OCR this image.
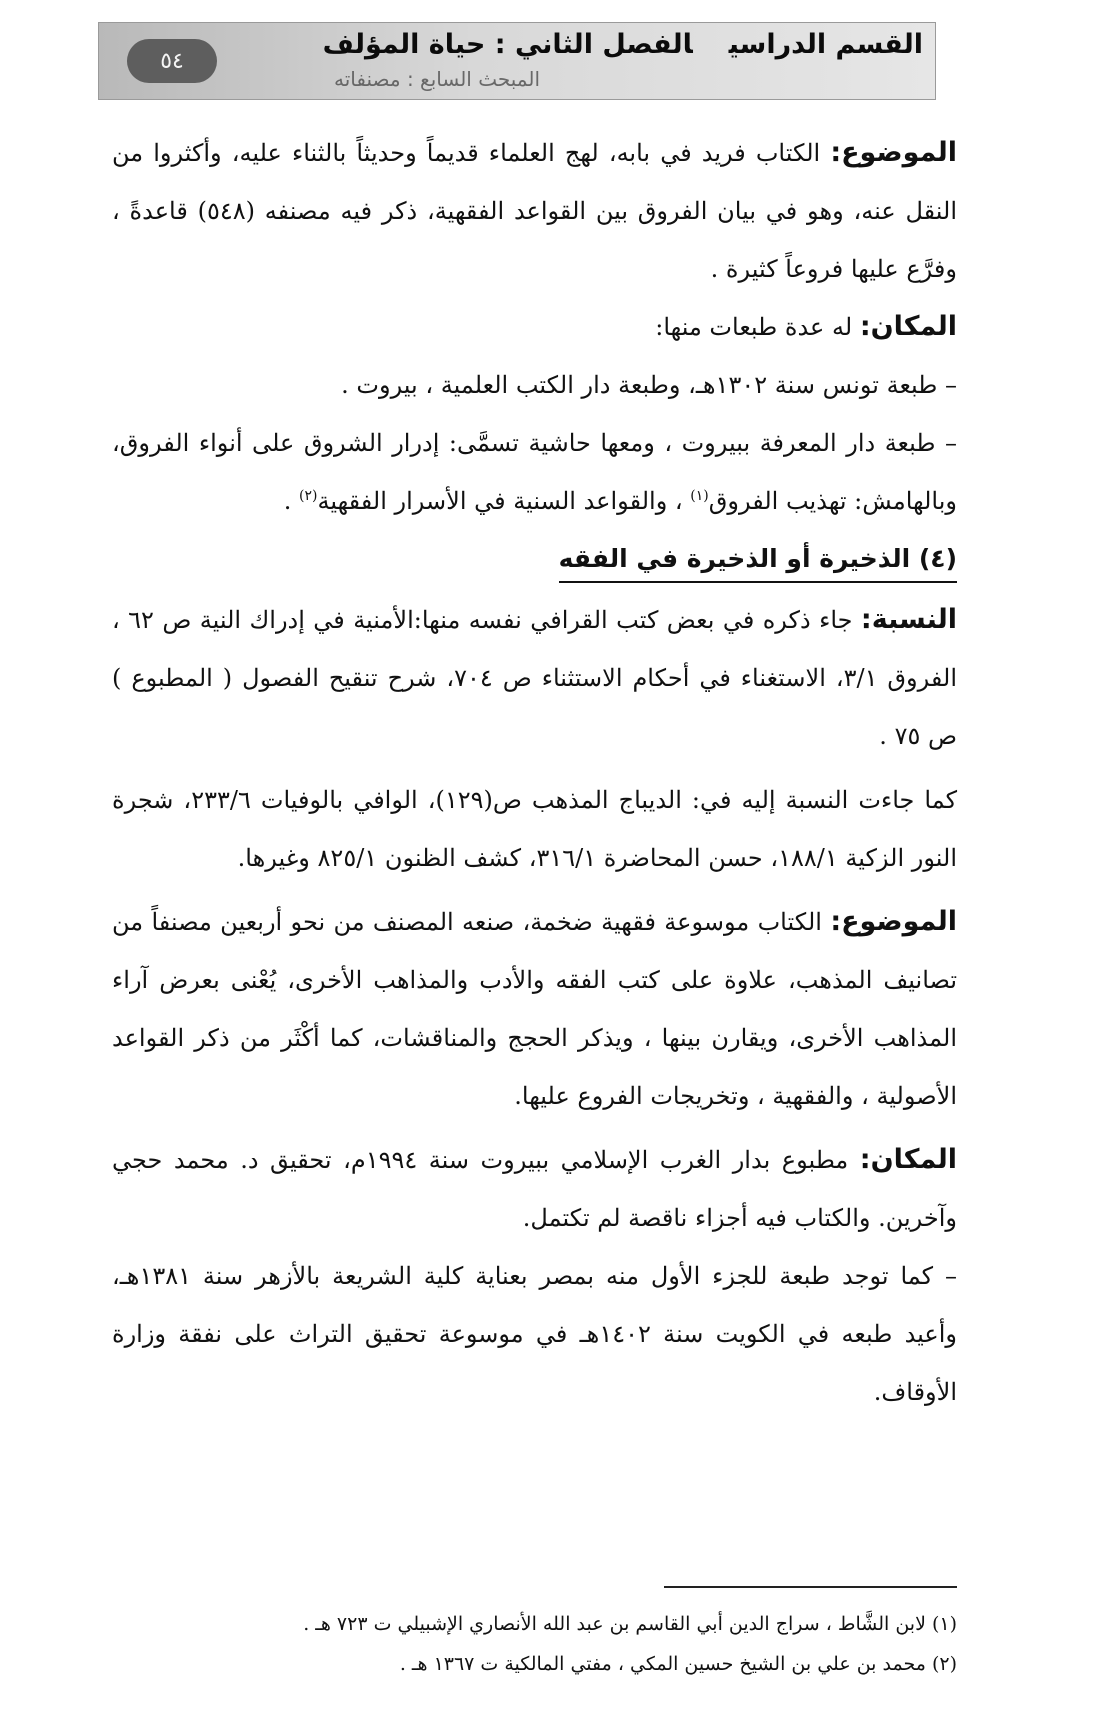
القسم الدراسيالفصل الثاني : حياة المؤلف
المبحث السابع : مصنفاته
٥٤

الموضوع: الكتاب فريد في بابه، لهج العلماء قديماً وحديثاً بالثناء عليه، وأكثروا من النقل عنه، وهو في بيان الفروق بين القواعد الفقهية، ذكر فيه مصنفه (٥٤٨) قاعدةً ، وفرَّع عليها فروعاً كثيرة .

المكان: له عدة طبعات منها:

– طبعة تونس سنة ١٣٠٢هـ، وطبعة دار الكتب العلمية ، بيروت .

– طبعة دار المعرفة ببيروت ، ومعها حاشية تسمَّى: إدرار الشروق على أنواء الفروق، وبالهامش: تهذيب الفروق$^{(١)}$ ، والقواعد السنية في الأسرار الفقهية$^{(٢)}$ .

(٤) الذخيرة أو الذخيرة في الفقه

النسبة: جاء ذكره في بعض كتب القرافي نفسه منها:الأمنية في إدراك النية ص ٦٢ ، الفروق ٣/١، الاستغناء في أحكام الاستثناء ص ٧٠٤، شرح تنقيح الفصول ( المطبوع ) ص ٧٥ .

كما جاءت النسبة إليه في: الديباج المذهب ص(١٢٩)، الوافي بالوفيات ٢٣٣/٦، شجرة النور الزكية ١٨٨/١، حسن المحاضرة ٣١٦/١، كشف الظنون ٨٢٥/١ وغيرها.

الموضوع: الكتاب موسوعة فقهية ضخمة، صنعه المصنف من نحو أربعين مصنفاً من تصانيف المذهب، علاوة على كتب الفقه والأدب والمذاهب الأخرى، يُعْنى بعرض آراء المذاهب الأخرى، ويقارن بينها ، ويذكر الحجج والمناقشات، كما أكْثَر من ذكر القواعد الأصولية ، والفقهية ، وتخريجات الفروع عليها.

المكان: مطبوع بدار الغرب الإسلامي ببيروت سنة ١٩٩٤م، تحقيق د. محمد حجي وآخرين. والكتاب فيه أجزاء ناقصة لم تكتمل.

– كما توجد طبعة للجزء الأول منه بمصر بعناية كلية الشريعة بالأزهر سنة ١٣٨١هـ، وأعيد طبعه في الكويت سنة ١٤٠٢هـ في موسوعة تحقيق التراث على نفقة وزارة الأوقاف.

(١) لابن الشَّاط ، سراج الدين أبي القاسم بن عبد الله الأنصاري الإشبيلي ت ٧٢٣ هـ .

(٢) محمد بن علي بن الشيخ حسين المكي ، مفتي المالكية ت ١٣٦٧ هـ .
